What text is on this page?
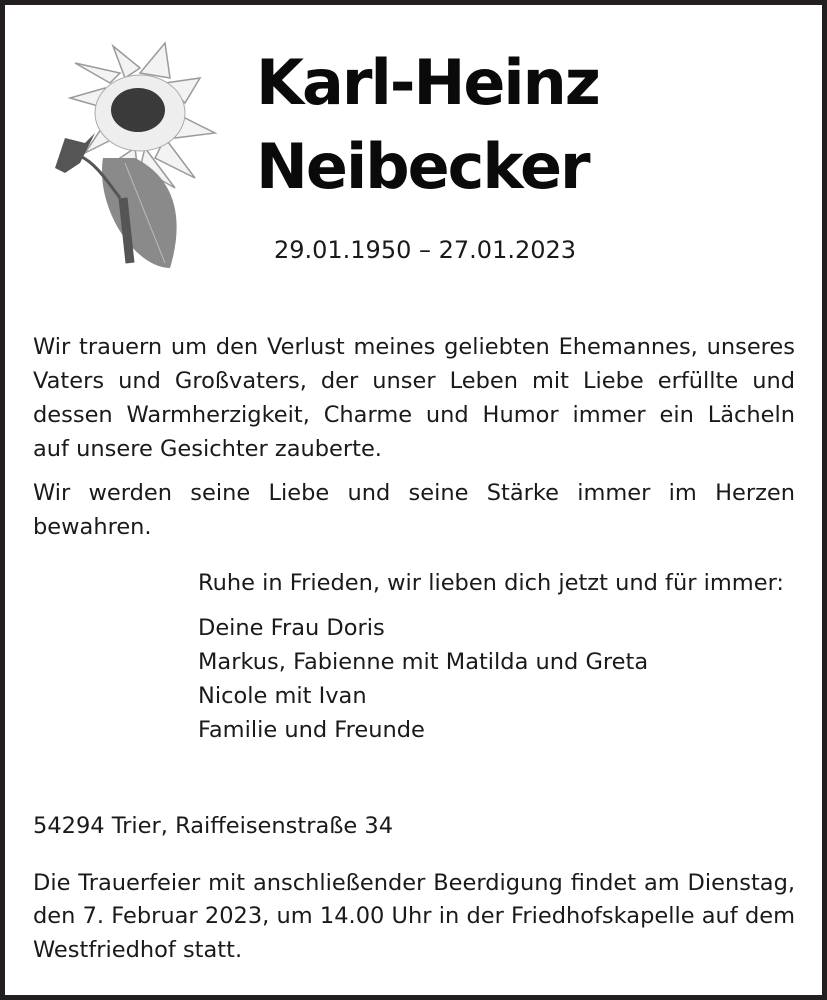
Karl-Heinz
Neibecker
29.01.1950 – 27.01.2023
Wir trauern um den Verlust meines geliebten Ehemannes, unseres
Vaters und Großvaters, der unser Leben mit Liebe erfüllte und
dessen Warmherzigkeit, Charme und Humor immer ein Lächeln
auf unsere Gesichter zauberte.
Wir werden seine Liebe und seine Stärke immer im Herzen bewahren.
Ruhe in Frieden, wir lieben dich jetzt und für immer:
Deine Frau Doris
Markus, Fabienne mit Matilda und Greta
Nicole mit Ivan
Familie und Freunde
54294 Trier, Raiffeisenstraße 34
Die Trauerfeier mit anschließender Beerdigung findet am Dienstag,
den 7. Februar 2023, um 14.00 Uhr in der Friedhofskapelle auf dem
Westfriedhof statt.
